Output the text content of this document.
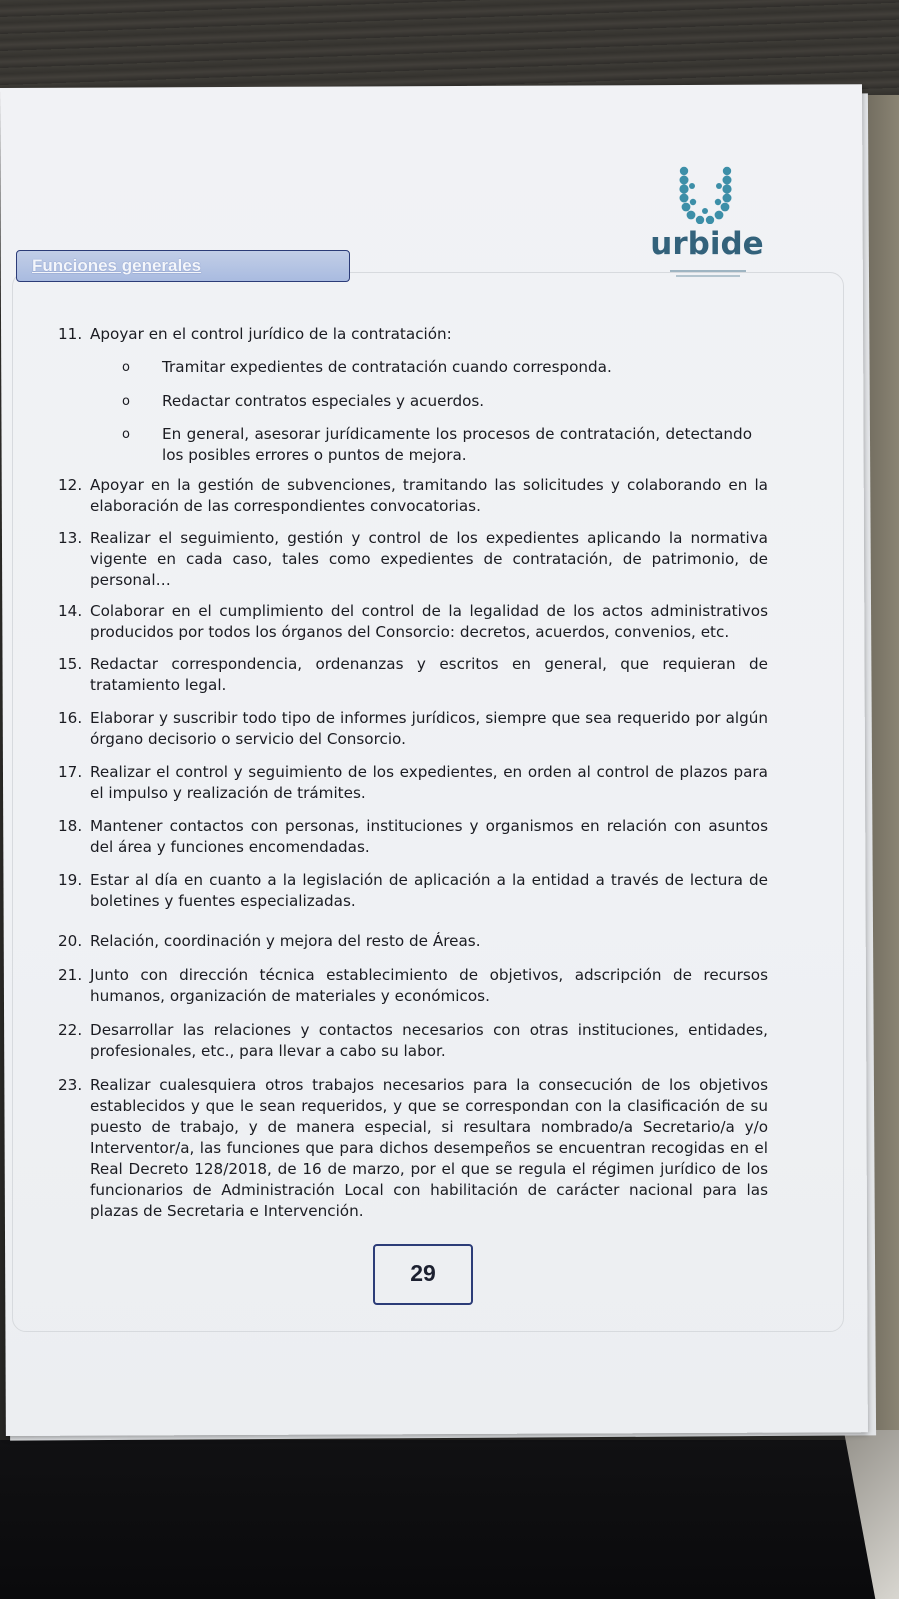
Funciones generales
urbide
11. Apoyar en el control jurídico de la contratación:
o Tramitar expedientes de contratación cuando corresponda.
o Redactar contratos especiales y acuerdos.
o En general, asesorar jurídicamente los procesos de contratación, detectando los posibles errores o puntos de mejora.
12. Apoyar en la gestión de subvenciones, tramitando las solicitudes y colaborando en la elaboración de las correspondientes convocatorias.
13. Realizar el seguimiento, gestión y control de los expedientes aplicando la normativa vigente en cada caso, tales como expedientes de contratación, de patrimonio, de personal…
14. Colaborar en el cumplimiento del control de la legalidad de los actos administrativos producidos por todos los órganos del Consorcio: decretos, acuerdos, convenios, etc.
15. Redactar correspondencia, ordenanzas y escritos en general, que requieran de tratamiento legal.
16. Elaborar y suscribir todo tipo de informes jurídicos, siempre que sea requerido por algún órgano decisorio o servicio del Consorcio.
17. Realizar el control y seguimiento de los expedientes, en orden al control de plazos para el impulso y realización de trámites.
18. Mantener contactos con personas, instituciones y organismos en relación con asuntos del área y funciones encomendadas.
19. Estar al día en cuanto a la legislación de aplicación a la entidad a través de lectura de boletines y fuentes especializadas.
20. Relación, coordinación y mejora del resto de Áreas.
21. Junto con dirección técnica establecimiento de objetivos, adscripción de recursos humanos, organización de materiales y económicos.
22. Desarrollar las relaciones y contactos necesarios con otras instituciones, entidades, profesionales, etc., para llevar a cabo su labor.
23. Realizar cualesquiera otros trabajos necesarios para la consecución de los objetivos establecidos y que le sean requeridos, y que se correspondan con la clasificación de su puesto de trabajo, y de manera especial, si resultara nombrado/a Secretario/a y/o Interventor/a, las funciones que para dichos desempeños se encuentran recogidas en el Real Decreto 128/2018, de 16 de marzo, por el que se regula el régimen jurídico de los funcionarios de Administración Local con habilitación de carácter nacional para las plazas de Secretaria e Intervención.
29
